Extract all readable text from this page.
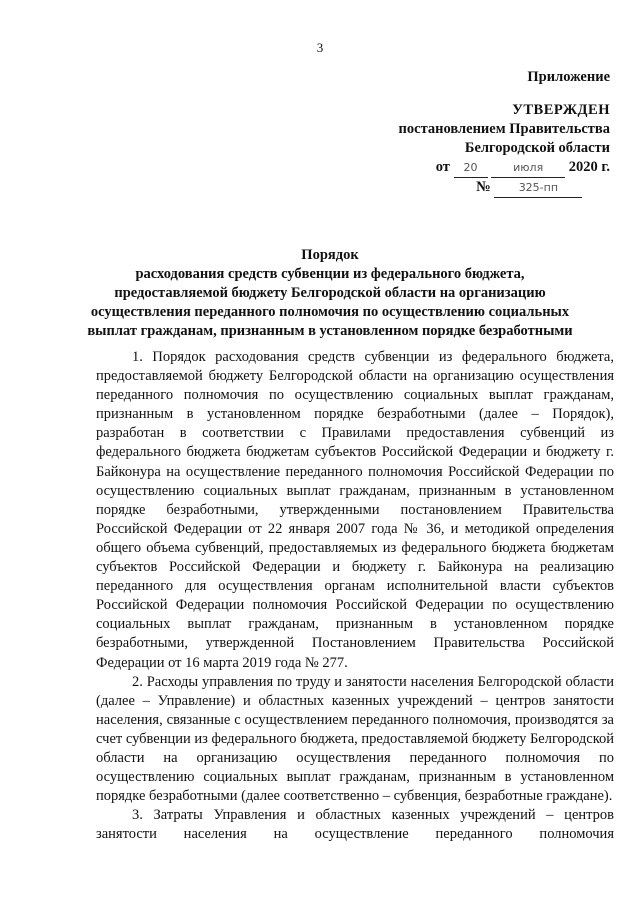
3
Приложение
УТВЕРЖДЕН
постановлением Правительства
Белгородской области
от 20	июля 2020 г.
№	325-пп
Порядок
расходования средств субвенции из федерального бюджета,
предоставляемой бюджету Белгородской области на организацию
осуществления переданного полномочия по осуществлению социальных
выплат гражданам, признанным в установленном порядке безработными

1. Порядок расходования средств субвенции из федерального бюджета, предоставляемой бюджету Белгородской области на организацию осуществления переданного полномочия по осуществлению социальных выплат гражданам, признанным в установленном порядке безработными (далее – Порядок), разработан в соответствии с Правилами предоставления субвенций из федерального бюджета бюджетам субъектов Российской Федерации и бюджету г. Байконура на осуществление переданного полномочия Российской Федерации по осуществлению социальных выплат гражданам, признанным в установленном порядке безработными, утвержденными постановлением Правительства Российской Федерации от 22 января 2007 года № 36, и методикой определения общего объема субвенций, предоставляемых из федерального бюджета бюджетам субъектов Российской Федерации и бюджету г. Байконура на реализацию переданного для осуществления органам исполнительной власти субъектов Российской Федерации полномочия Российской Федерации по осуществлению социальных выплат гражданам, признанным в установленном порядке безработными, утвержденной Постановлением Правительства Российской Федерации от 16 марта 2019 года № 277.

2. Расходы управления по труду и занятости населения Белгородской области (далее – Управление) и областных казенных учреждений – центров занятости населения, связанные с осуществлением переданного полномочия, производятся за счет субвенции из федерального бюджета, предоставляемой бюджету Белгородской области на организацию осуществления переданного полномочия по осуществлению социальных выплат гражданам, признанным в установленном порядке безработными (далее соответственно – субвенция, безработные граждане).

3. Затраты Управления и областных казенных учреждений – центров занятости населения на осуществление переданного полномочия
